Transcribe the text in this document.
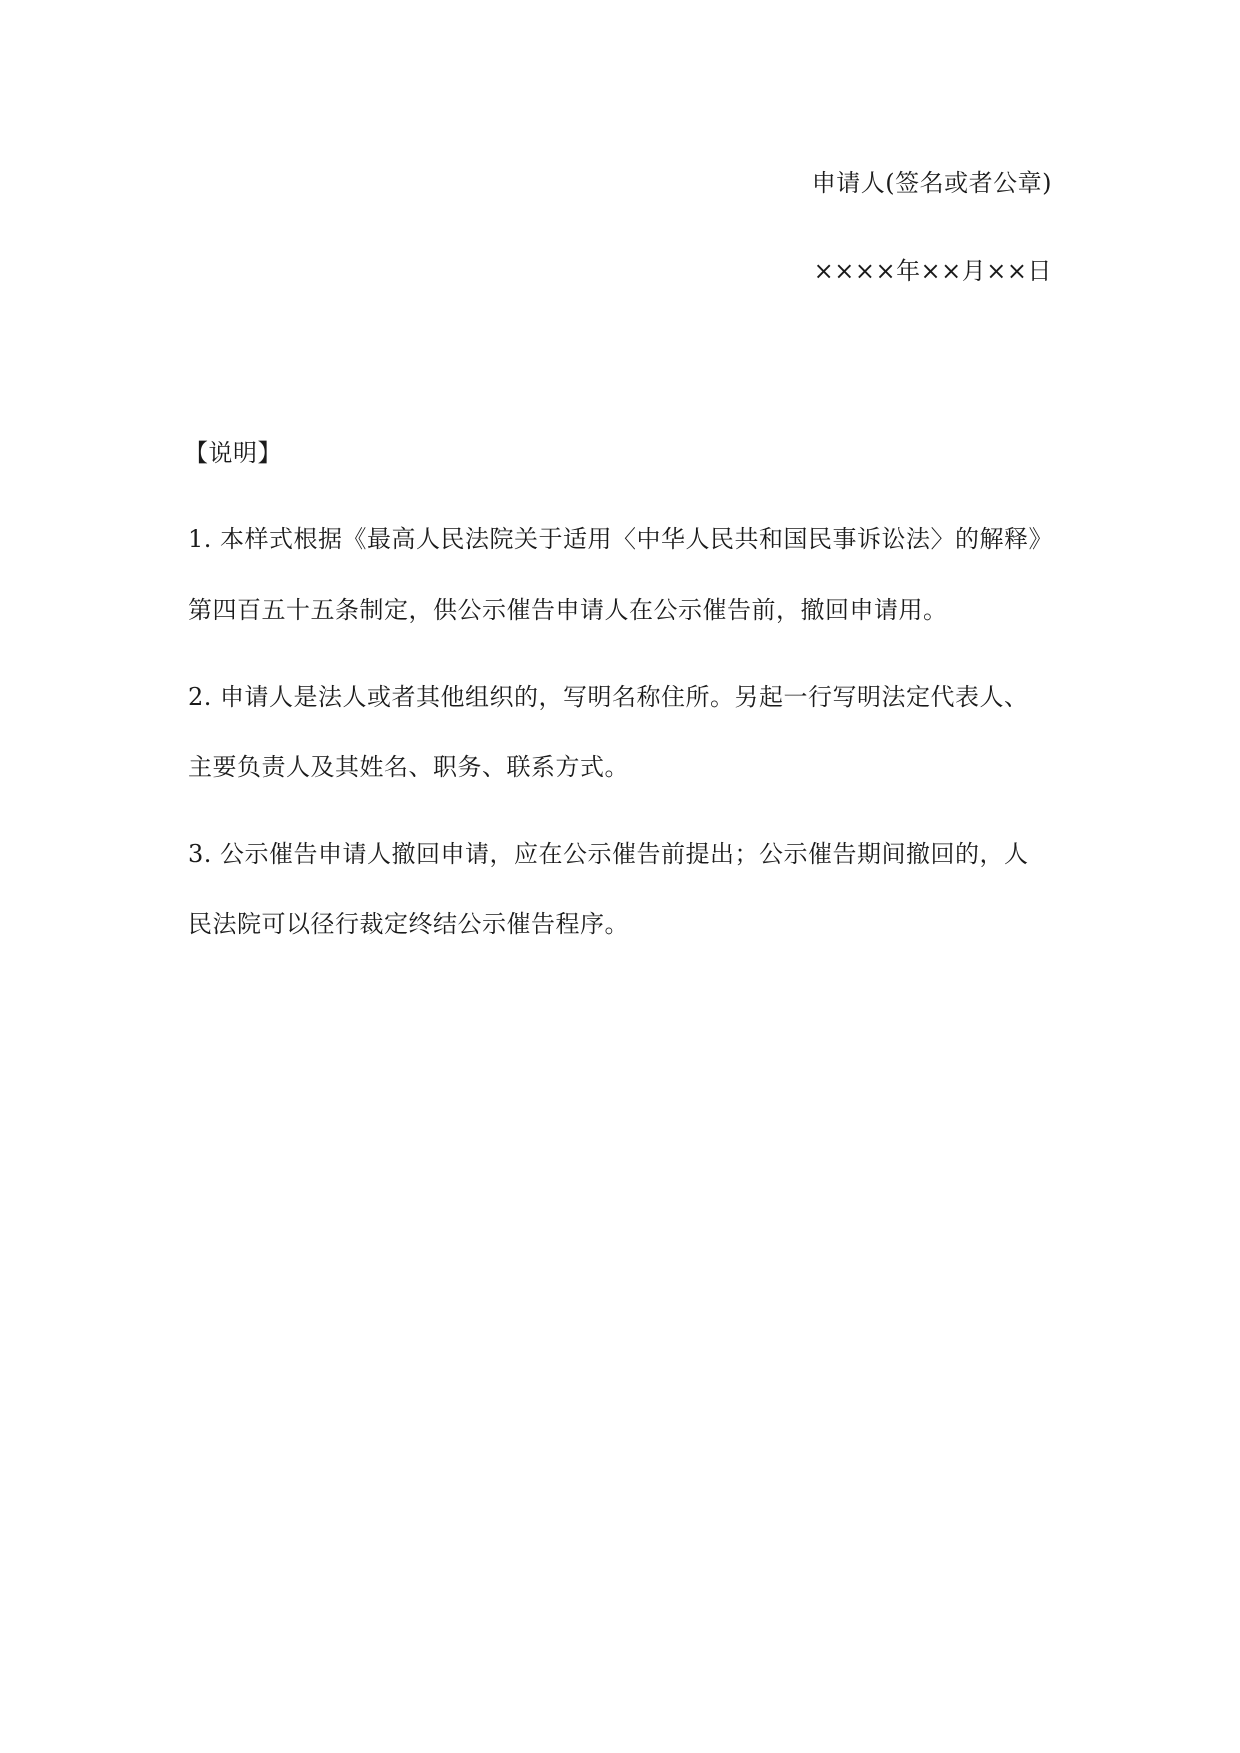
申请人(签名或者公章)
××××年××月××日
【说明】
1. 本样式根据《最高人民法院关于适用〈中华人民共和国民事诉讼法〉的解释》
第四百五十五条制定，供公示催告申请人在公示催告前，撤回申请用。
2. 申请人是法人或者其他组织的，写明名称住所。另起一行写明法定代表人、
主要负责人及其姓名、职务、联系方式。
3. 公示催告申请人撤回申请，应在公示催告前提出；公示催告期间撤回的，人
民法院可以径行裁定终结公示催告程序。
